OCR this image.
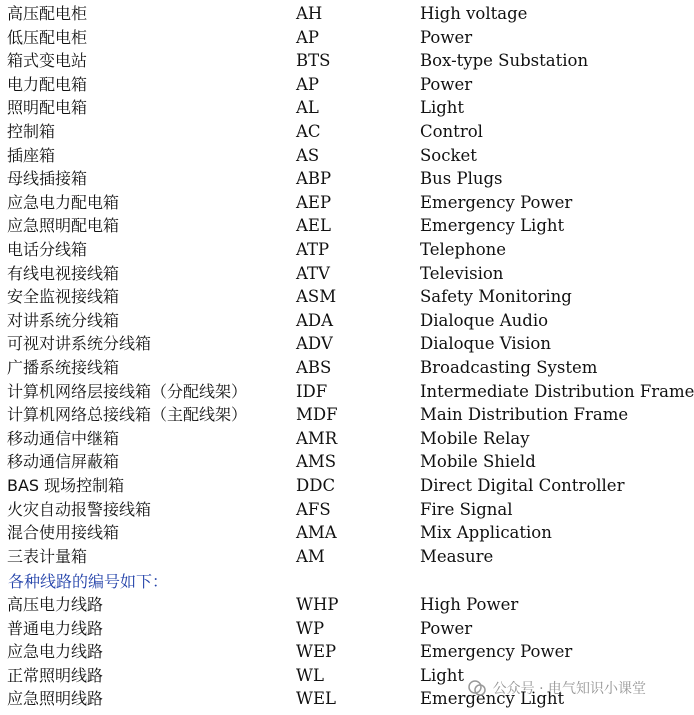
高压配电柜	AH	High voltage
低压配电柜	AP	Power
箱式变电站	BTS	Box-type Substation
电力配电箱	AP	Power
照明配电箱	AL	Light
控制箱	AC	Control
插座箱	AS	Socket
母线插接箱	ABP	Bus Plugs
应急电力配电箱	AEP	Emergency Power
应急照明配电箱	AEL	Emergency Light
电话分线箱	ATP	Telephone
有线电视接线箱	ATV	Television
安全监视接线箱	ASM	Safety Monitoring
对讲系统分线箱	ADA	Dialoque Audio
可视对讲系统分线箱	ADV	Dialoque Vision
广播系统接线箱	ABS	Broadcasting System
计算机网络层接线箱（分配线架）	IDF	Intermediate Distribution Frame
计算机网络总接线箱（主配线架）	MDF	Main Distribution Frame
移动通信中继箱	AMR	Mobile Relay
移动通信屏蔽箱	AMS	Mobile Shield
BAS 现场控制箱	DDC	Direct Digital Controller
火灾自动报警接线箱	AFS	Fire Signal
混合使用接线箱	AMA	Mix Application
三表计量箱	AM	Measure
高压电力线路	WHP	High Power
普通电力线路	WP	Power
应急电力线路	WEP	Emergency Power
正常照明线路	WL	Light
应急照明线路	WEL	Emergency Light
各种线路的编号如下：
公众号 · 电气知识小课堂
